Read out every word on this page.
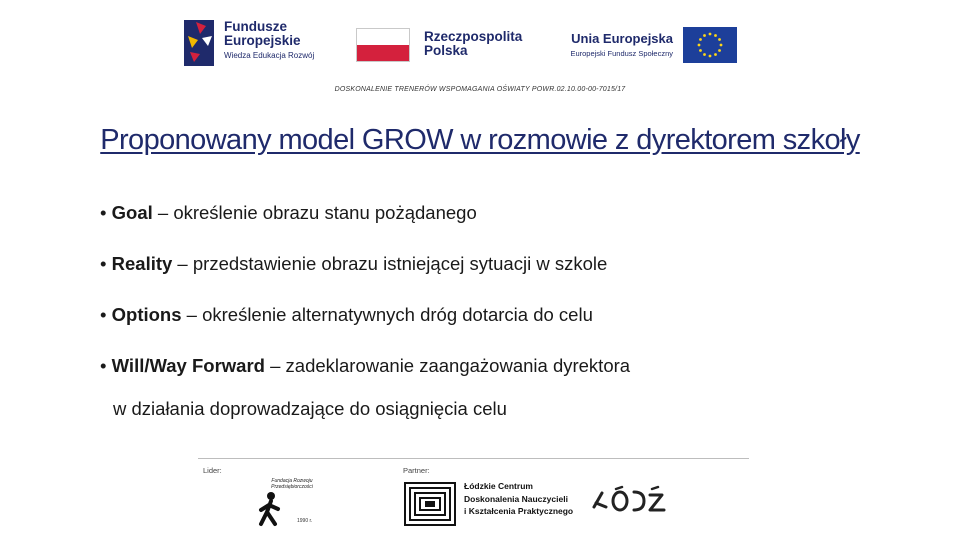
Fundusze
Europejskie
Wiedza Edukacja Rozwój
Rzeczpospolita
Polska
Unia Europejska
Europejski Fundusz Społeczny
DOSKONALENIE TRENERÓW WSPOMAGANIA OŚWIATY POWR.02.10.00-00-7015/17
Proponowany model GROW w rozmowie z dyrektorem szkoły
• Goal – określenie obrazu stanu pożądanego
• Reality – przedstawienie obrazu istniejącej sytuacji w szkole
• Options – określenie alternatywnych dróg dotarcia do celu
• Will/Way Forward – zadeklarowanie zaangażowania dyrektora
w działania doprowadzające do osiągnięcia celu
Lider:	Partner:
Fundacja Rozwoju
Przedsiębiorczości
1990 r.
Łódzkie Centrum
Doskonalenia Nauczycieli
i Kształcenia Praktycznego
